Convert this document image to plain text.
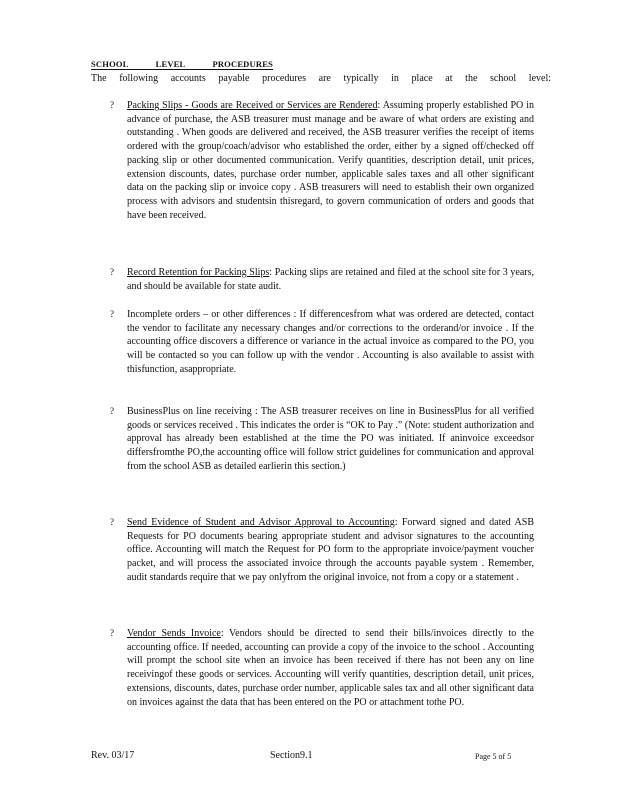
SCHOOL	LEVEL	PROCEDURES
The following accounts payable procedures are typically in place at the school level:
? Packing Slips - Goods are Received or Services are Rendered: Assuming properly established PO in advance of purchase, the ASB treasurer must manage and be aware of what orders are existing and outstanding . When goods are delivered and received, the ASB treasurer verifies the receipt of items ordered with the group/coach/advisor who established the order, either by a signed off/checked off packing slip or other documented communication. Verify quantities, description detail, unit prices, extension discounts, dates, purchase order number, applicable sales taxes and all other significant data on the packing slip or invoice copy . ASB treasurers will need to establish their own organized process with advisors and studentsin thisregard, to govern communication of orders and goods that have been received.
? Record Retention for Packing Slips: Packing slips are retained and filed at the school site for 3 years, and should be available for state audit.
? Incomplete orders – or other differences : If differencesfrom what was ordered are detected, contact the vendor to facilitate any necessary changes and/or corrections to the orderand/or invoice . If the accounting office discovers a difference or variance in the actual invoice as compared to the PO, you will be contacted so you can follow up with the vendor . Accounting is also available to assist with thisfunction, asappropriate.
? BusinessPlus on line receiving : The ASB treasurer receives on line in BusinessPlus for all verified goods or services received . This indicates the order is “OK to Pay .” (Note: student authorization and approval has already been established at the time the PO was initiated. If aninvoice exceedsor differsfromthe PO,the accounting office will follow strict guidelines for communication and approval from the school ASB as detailed earlierin this section.)
? Send Evidence of Student and Advisor Approval to Accounting: Forward signed and dated ASB Requests for PO documents bearing appropriate student and advisor signatures to the accounting office. Accounting will match the Request for PO form to the appropriate invoice/payment voucher packet, and will process the associated invoice through the accounts payable system . Remember, audit standards require that we pay onlyfrom the original invoice, not from a copy or a statement .
? Vendor Sends Invoice: Vendors should be directed to send their bills/invoices directly to the accounting office. If needed, accounting can provide a copy of the invoice to the school . Accounting will prompt the school site when an invoice has been received if there has not been any on line receivingof these goods or services. Accounting will verify quantities, description detail, unit prices, extensions, discounts, dates, purchase order number, applicable sales tax and all other significant data on invoices against the data that has been entered on the PO or attachment tothe PO.
Rev. 03/17	Section9.1	Page 5 of 5
